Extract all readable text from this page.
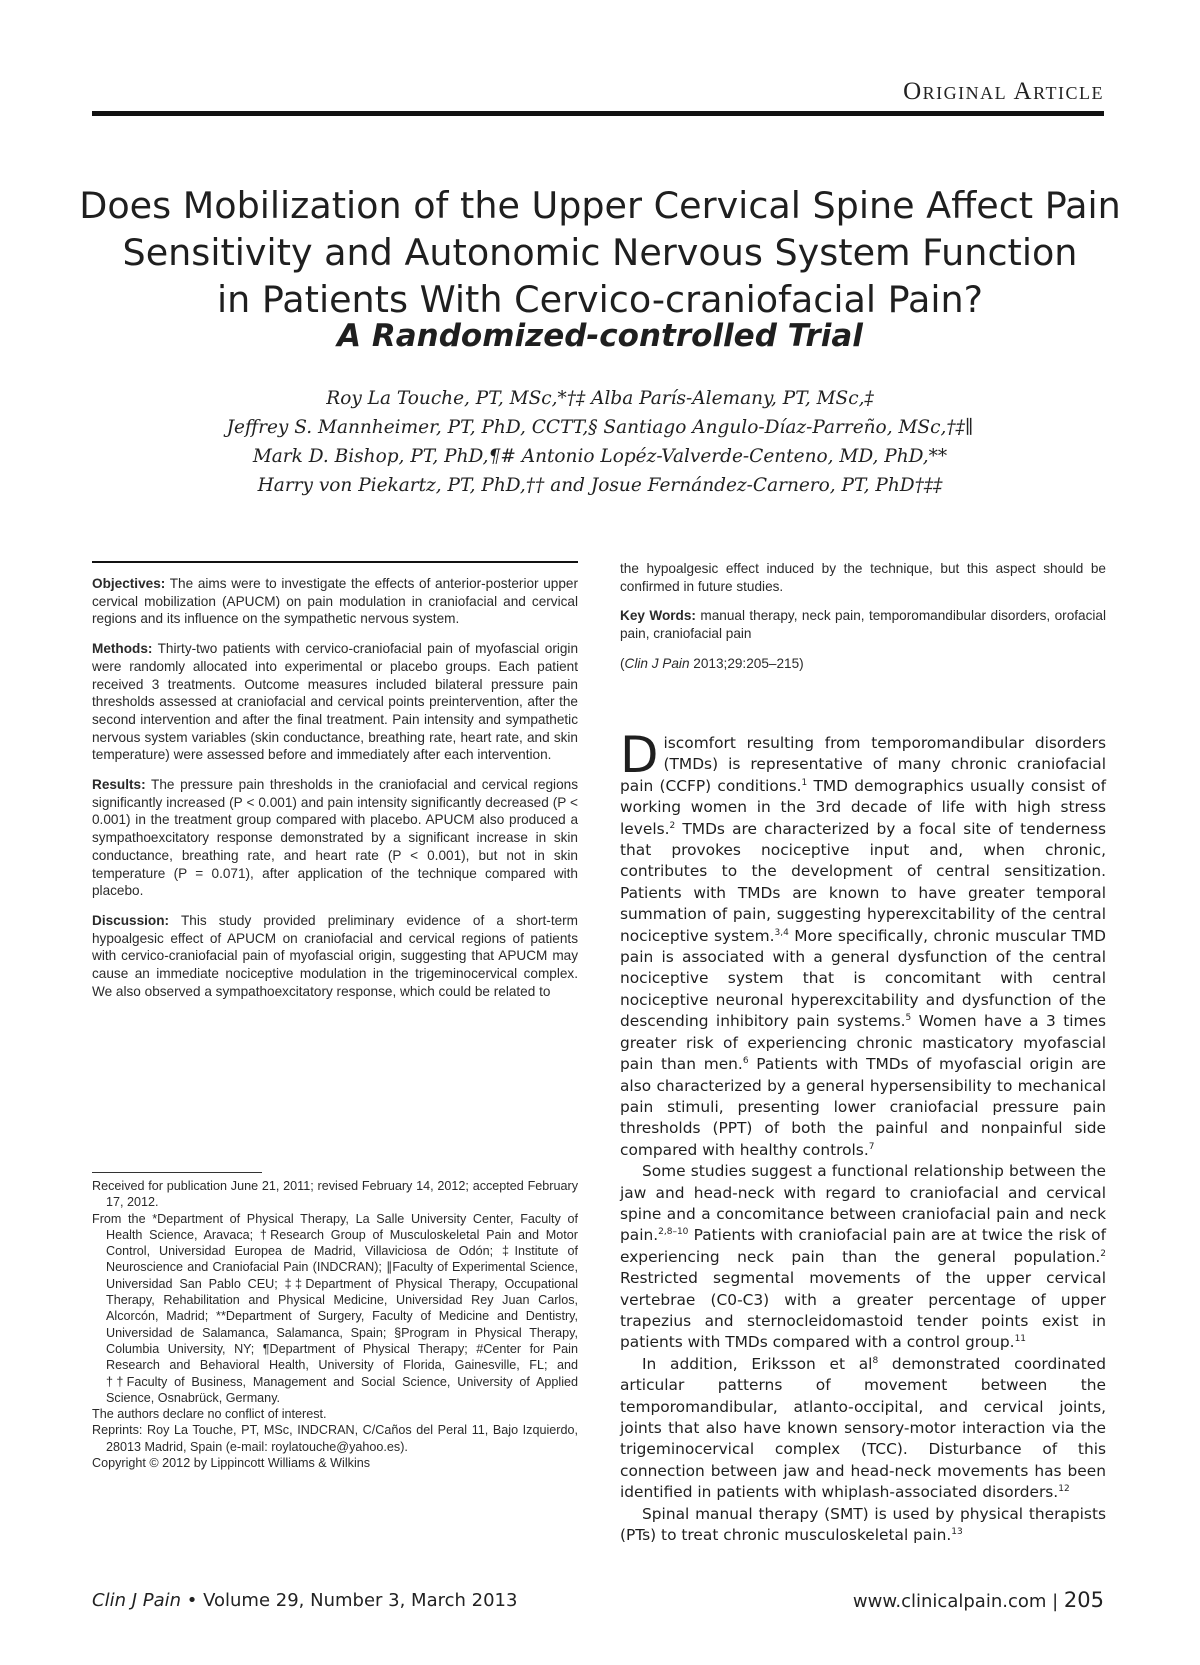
Original Article
Does Mobilization of the Upper Cervical Spine Affect Pain
Sensitivity and Autonomic Nervous System Function
in Patients With Cervico-craniofacial Pain?
A Randomized-controlled Trial
Roy La Touche, PT, MSc,*†‡ Alba París-Alemany, PT, MSc,‡
Jeffrey S. Mannheimer, PT, PhD, CCTT,§ Santiago Angulo-Díaz-Parreño, MSc,†‡∥
Mark D. Bishop, PT, PhD,¶# Antonio Lopéz-Valverde-Centeno, MD, PhD,**
Harry von Piekartz, PT, PhD,†† and Josue Fernández-Carnero, PT, PhD†‡‡

Objectives: The aims were to investigate the effects of anterior-posterior upper cervical mobilization (APUCM) on pain modulation in craniofacial and cervical regions and its influence on the sympathetic nervous system.

Methods: Thirty-two patients with cervico-craniofacial pain of myofascial origin were randomly allocated into experimental or placebo groups. Each patient received 3 treatments. Outcome measures included bilateral pressure pain thresholds assessed at craniofacial and cervical points preintervention, after the second intervention and after the final treatment. Pain intensity and sympathetic nervous system variables (skin conductance, breathing rate, heart rate, and skin temperature) were assessed before and immediately after each intervention.

Results: The pressure pain thresholds in the craniofacial and cervical regions significantly increased (P < 0.001) and pain intensity significantly decreased (P < 0.001) in the treatment group compared with placebo. APUCM also produced a sympathoexcitatory response demonstrated by a significant increase in skin conductance, breathing rate, and heart rate (P < 0.001), but not in skin temperature (P = 0.071), after application of the technique compared with placebo.

Discussion: This study provided preliminary evidence of a short-term hypoalgesic effect of APUCM on craniofacial and cervical regions of patients with cervico-craniofacial pain of myofascial origin, suggesting that APUCM may cause an immediate nociceptive modulation in the trigeminocervical complex. We also observed a sympathoexcitatory response, which could be related to

Received for publication June 21, 2011; revised February 14, 2012; accepted February 17, 2012.

From the *Department of Physical Therapy, La Salle University Center, Faculty of Health Science, Aravaca; †Research Group of Musculoskeletal Pain and Motor Control, Universidad Europea de Madrid, Villaviciosa de Odón; ‡Institute of Neuroscience and Craniofacial Pain (INDCRAN); ∥Faculty of Experimental Science, Universidad San Pablo CEU; ‡‡Department of Physical Therapy, Occupational Therapy, Rehabilitation and Physical Medicine, Universidad Rey Juan Carlos, Alcorcón, Madrid; **Department of Surgery, Faculty of Medicine and Dentistry, Universidad de Salamanca, Salamanca, Spain; §Program in Physical Therapy, Columbia University, NY; ¶Department of Physical Therapy; #Center for Pain Research and Behavioral Health, University of Florida, Gainesville, FL; and ††Faculty of Business, Management and Social Science, University of Applied Science, Osnabrück, Germany.

The authors declare no conflict of interest.

Reprints: Roy La Touche, PT, MSc, INDCRAN, C/Caños del Peral 11, Bajo Izquierdo, 28013 Madrid, Spain (e-mail: roylatouche@yahoo.es).

Copyright © 2012 by Lippincott Williams & Wilkins

the hypoalgesic effect induced by the technique, but this aspect should be confirmed in future studies.

Key Words: manual therapy, neck pain, temporomandibular disorders, orofacial pain, craniofacial pain

(Clin J Pain 2013;29:205–215)

Discomfort resulting from temporomandibular disorders (TMDs) is representative of many chronic craniofacial pain (CCFP) conditions.$^1$ TMD demographics usually consist of working women in the 3rd decade of life with high stress levels.$^2$ TMDs are characterized by a focal site of tenderness that provokes nociceptive input and, when chronic, contributes to the development of central sensitization. Patients with TMDs are known to have greater temporal summation of pain, suggesting hyperexcitability of the central nociceptive system.$^{3,4}$ More specifically, chronic muscular TMD pain is associated with a general dysfunction of the central nociceptive system that is concomitant with central nociceptive neuronal hyperexcitability and dysfunction of the descending inhibitory pain systems.$^5$ Women have a 3 times greater risk of experiencing chronic masticatory myofascial pain than men.$^6$ Patients with TMDs of myofascial origin are also characterized by a general hypersensibility to mechanical pain stimuli, presenting lower craniofacial pressure pain thresholds (PPT) of both the painful and nonpainful side compared with healthy controls.$^7$

Some studies suggest a functional relationship between the jaw and head-neck with regard to craniofacial and cervical spine and a concomitance between craniofacial pain and neck pain.$^{2,8-10}$ Patients with craniofacial pain are at twice the risk of experiencing neck pain than the general population.$^2$ Restricted segmental movements of the upper cervical vertebrae (C0-C3) with a greater percentage of upper trapezius and sternocleidomastoid tender points exist in patients with TMDs compared with a control group.$^{11}$

In addition, Eriksson et $al^8$ demonstrated coordinated articular patterns of movement between the temporomandibular, atlanto-occipital, and cervical joints, joints that also have known sensory-motor interaction via the trigeminocervical complex (TCC). Disturbance of this connection between jaw and head-neck movements has been identified in patients with whiplash-associated disorders.$^{12}$

Spinal manual therapy (SMT) is used by physical therapists (PTs) to treat chronic musculoskeletal pain.$^{13}$

Clin J Pain • Volume 29, Number 3, March 2013	www.clinicalpain.com | 205
